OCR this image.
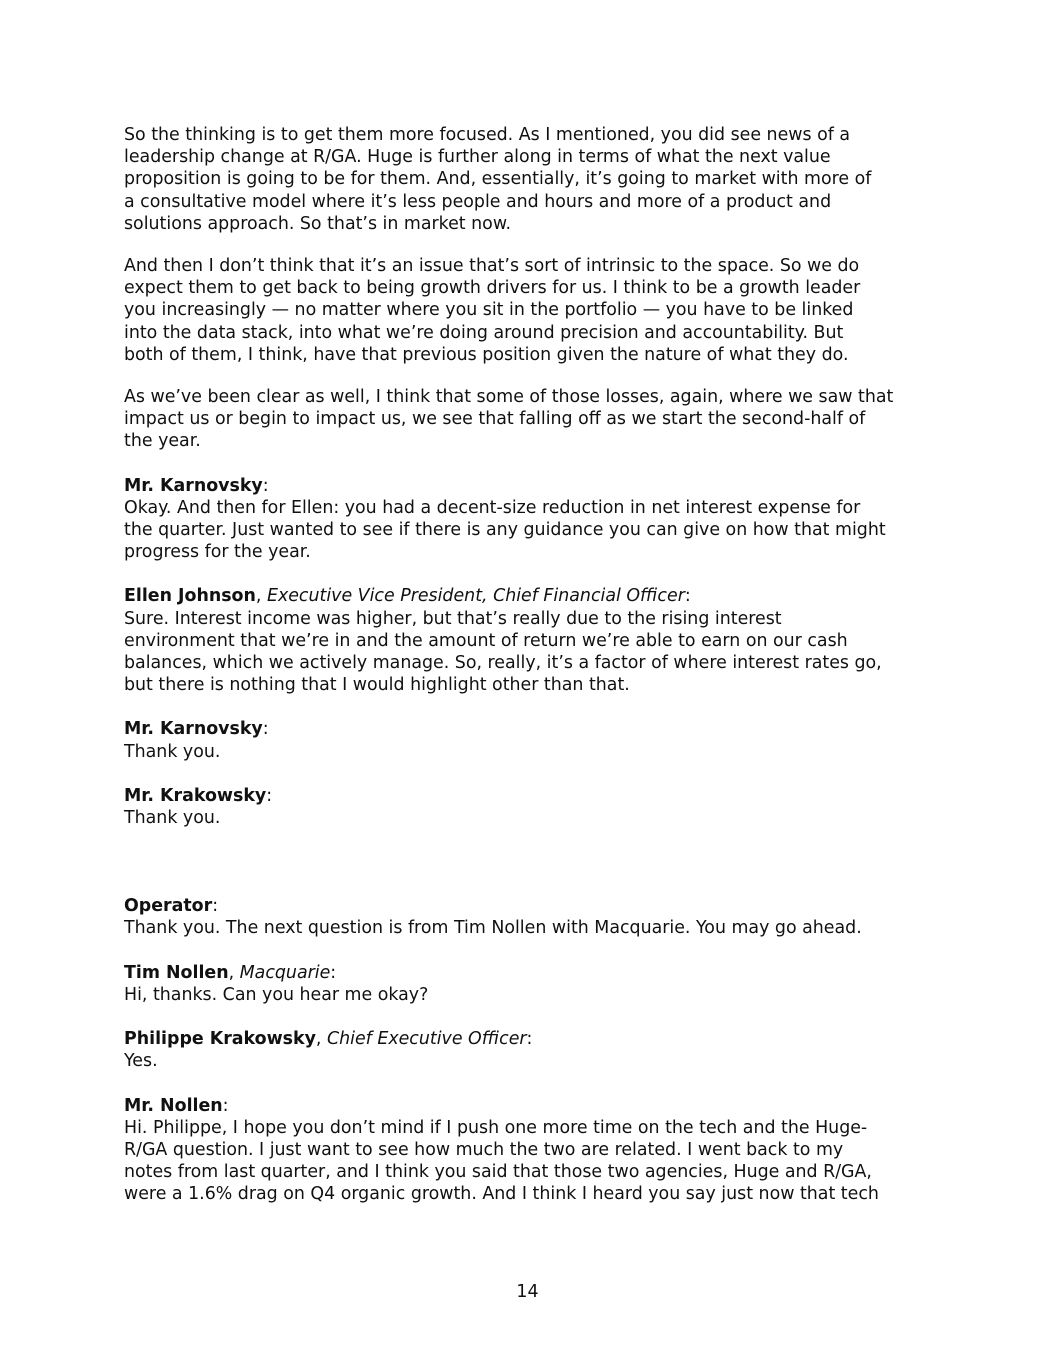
So the thinking is to get them more focused. As I mentioned, you did see news of a
leadership change at R/GA. Huge is further along in terms of what the next value
proposition is going to be for them. And, essentially, it’s going to market with more of
a consultative model where it’s less people and hours and more of a product and
solutions approach. So that’s in market now.
And then I don’t think that it’s an issue that’s sort of intrinsic to the space. So we do
expect them to get back to being growth drivers for us. I think to be a growth leader
you increasingly — no matter where you sit in the portfolio — you have to be linked
into the data stack, into what we’re doing around precision and accountability. But
both of them, I think, have that previous position given the nature of what they do.
As we’ve been clear as well, I think that some of those losses, again, where we saw that
impact us or begin to impact us, we see that falling off as we start the second-half of
the year.
Mr. Karnovsky:
Okay. And then for Ellen: you had a decent-size reduction in net interest expense for
the quarter. Just wanted to see if there is any guidance you can give on how that might
progress for the year.
Ellen Johnson, Executive Vice President, Chief Financial Officer:
Sure. Interest income was higher, but that’s really due to the rising interest
environment that we’re in and the amount of return we’re able to earn on our cash
balances, which we actively manage. So, really, it’s a factor of where interest rates go,
but there is nothing that I would highlight other than that.
Mr. Karnovsky:
Thank you.
Mr. Krakowsky:
Thank you.
Operator:
Thank you. The next question is from Tim Nollen with Macquarie. You may go ahead.
Tim Nollen, Macquarie:
Hi, thanks. Can you hear me okay?
Philippe Krakowsky, Chief Executive Officer:
Yes.
Mr. Nollen:
Hi. Philippe, I hope you don’t mind if I push one more time on the tech and the Huge-
R/GA question. I just want to see how much the two are related. I went back to my
notes from last quarter, and I think you said that those two agencies, Huge and R/GA,
were a 1.6% drag on Q4 organic growth. And I think I heard you say just now that tech
14
